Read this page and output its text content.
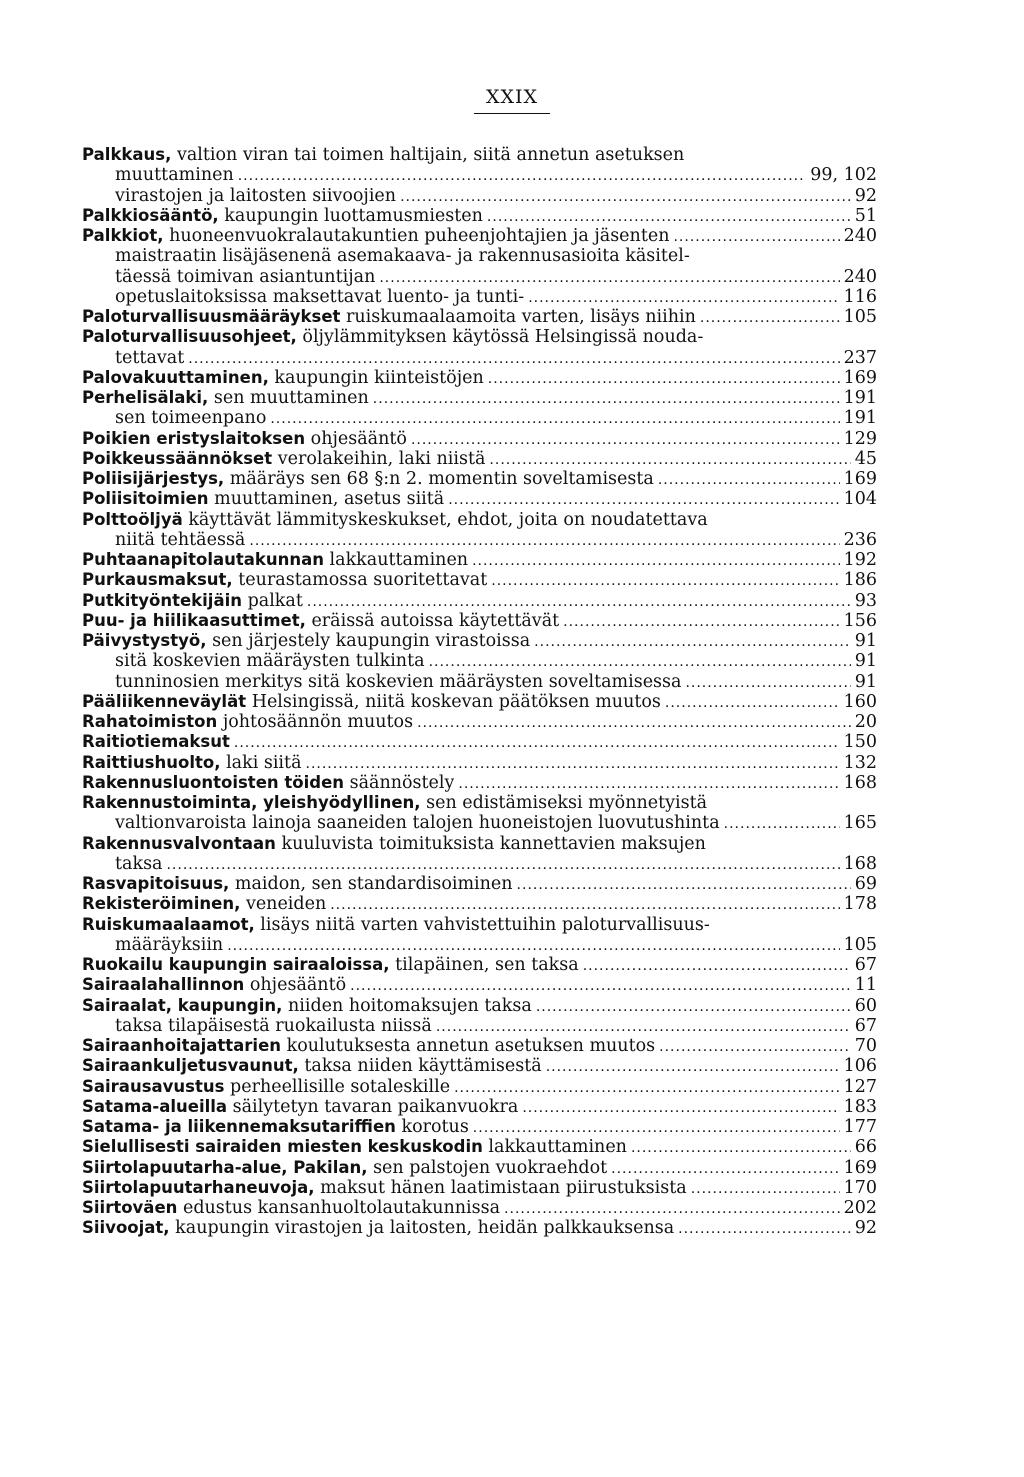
XXIX
Palkkaus, valtion viran tai toimen haltijain, siitä annetun asetuksen
muuttaminen .....	99, 102
virastojen ja laitosten siivoojien .....	92
Palkkiosääntö, kaupungin luottamusmiesten .....	51
Palkkiot, huoneenvuokralautakuntien puheenjohtajien ja jäsenten .....	240
maistraatin lisäjäsenenä asemakaava- ja rakennusasioita käsitel-
täessä toimivan asiantuntijan .....	240
opetuslaitoksissa maksettavat luento- ja tunti- .....	116
Paloturvallisuusmääräykset ruiskumaalaamoita varten, lisäys niihin .....	105
Paloturvallisuusohjeet, öljylämmityksen käytössä Helsingissä nouda-
tettavat .....	237
Palovakuuttaminen, kaupungin kiinteistöjen .....	169
Perhelisälaki, sen muuttaminen .....	191
sen toimeenpano .....	191
Poikien eristyslaitoksen ohjesääntö .....	129
Poikkeussäännökset verolakeihin, laki niistä .....	45
Poliisijärjestys, määräys sen 68 §:n 2. momentin soveltamisesta .....	169
Poliisitoimien muuttaminen, asetus siitä .....	104
Polttoöljyä käyttävät lämmityskeskukset, ehdot, joita on noudatettava
niitä tehtäessä .....	236
Puhtaanapitolautakunnan lakkauttaminen .....	192
Purkausmaksut, teurastamossa suoritettavat .....	186
Putkityöntekijäin palkat .....	93
Puu- ja hiilikaasuttimet, eräissä autoissa käytettävät .....	156
Päivystystyö, sen järjestely kaupungin virastoissa .....	91
sitä koskevien määräysten tulkinta .....	91
tunninosien merkitys sitä koskevien määräysten soveltamisessa .....	91
Pääliikenneväylät Helsingissä, niitä koskevan päätöksen muutos .....	160
Rahatoimiston johtosäännön muutos .....	20
Raitiotiemaksut .....	150
Raittiushuolto, laki siitä .....	132
Rakennusluontoisten töiden säännöstely .....	168
Rakennustoiminta, yleishyödyllinen, sen edistämiseksi myönnetyistä
valtionvaroista lainoja saaneiden talojen huoneistojen luovutushinta .....	165
Rakennusvalvontaan kuuluvista toimituksista kannettavien maksujen
taksa .....	168
Rasvapitoisuus, maidon, sen standardisoiminen .....	69
Rekisteröiminen, veneiden .....	178
Ruiskumaalaamot, lisäys niitä varten vahvistettuihin paloturvallisuus-
määräyksiin .....	105
Ruokailu kaupungin sairaaloissa, tilapäinen, sen taksa .....	67
Sairaalahallinnon ohjesääntö .....	11
Sairaalat, kaupungin, niiden hoitomaksujen taksa .....	60
taksa tilapäisestä ruokailusta niissä .....	67
Sairaanhoitajattarien koulutuksesta annetun asetuksen muutos .....	70
Sairaankuljetusvaunut, taksa niiden käyttämisestä .....	106
Sairausavustus perheellisille sotaleskille .....	127
Satama-alueilla säilytetyn tavaran paikanvuokra .....	183
Satama- ja liikennemaksutariffien korotus .....	177
Sielullisesti sairaiden miesten keskuskodin lakkauttaminen .....	66
Siirtolapuutarha-alue, Pakilan, sen palstojen vuokraehdot .....	169
Siirtolapuutarhaneuvoja, maksut hänen laatimistaan piirustuksista .....	170
Siirtoväen edustus kansanhuoltolautakunnissa .....	202
Siivoojat, kaupungin virastojen ja laitosten, heidän palkkauksensa .....	92
